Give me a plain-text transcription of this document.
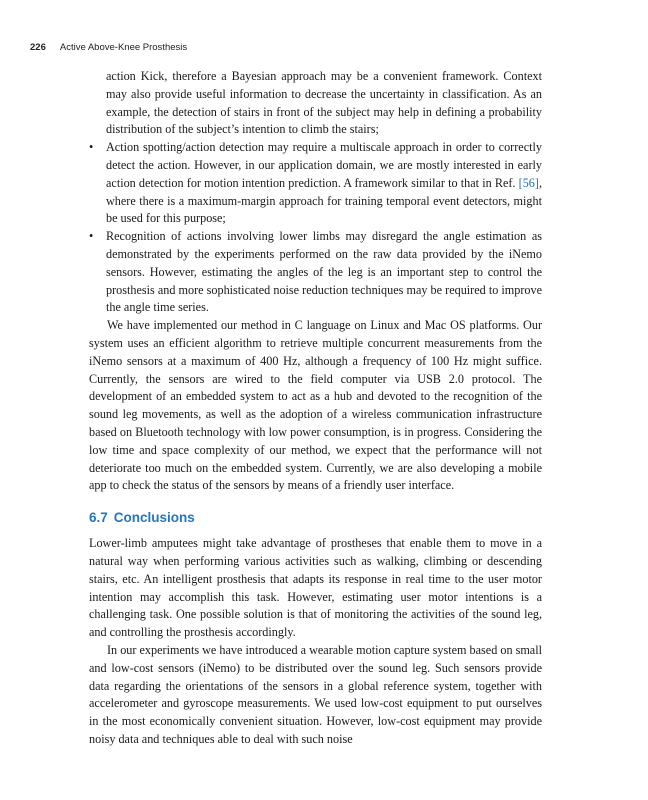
226 Active Above-Knee Prosthesis

action Kick, therefore a Bayesian approach may be a convenient framework. Context may also provide useful information to decrease the uncertainty in classification. As an example, the detection of stairs in front of the subject may help in defining a probability distribution of the subject’s intention to climb the stairs;

• Action spotting/action detection may require a multiscale approach in order to correctly detect the action. However, in our application domain, we are mostly interested in early action detection for motion intention prediction. A framework similar to that in Ref. [56], where there is a maximum-margin approach for training temporal event detectors, might be used for this purpose;

• Recognition of actions involving lower limbs may disregard the angle estimation as demonstrated by the experiments performed on the raw data provided by the iNemo sensors. However, estimating the angles of the leg is an important step to control the prosthesis and more sophisticated noise reduction techniques may be required to improve the angle time series.

We have implemented our method in C language on Linux and Mac OS platforms. Our system uses an efficient algorithm to retrieve multiple concurrent measurements from the iNemo sensors at a maximum of 400 Hz, although a frequency of 100 Hz might suffice. Currently, the sensors are wired to the field computer via USB 2.0 protocol. The development of an embedded system to act as a hub and devoted to the recognition of the sound leg movements, as well as the adoption of a wireless communication infrastructure based on Bluetooth technology with low power consumption, is in progress. Considering the low time and space complexity of our method, we expect that the performance will not deteriorate too much on the embedded system. Currently, we are also developing a mobile app to check the status of the sensors by means of a friendly user interface.

6.7 Conclusions

Lower-limb amputees might take advantage of prostheses that enable them to move in a natural way when performing various activities such as walking, climbing or descending stairs, etc. An intelligent prosthesis that adapts its response in real time to the user motor intention may accomplish this task. However, estimating user motor intentions is a challenging task. One possible solution is that of monitoring the activities of the sound leg, and controlling the prosthesis accordingly.

In our experiments we have introduced a wearable motion capture system based on small and low-cost sensors (iNemo) to be distributed over the sound leg. Such sensors provide data regarding the orientations of the sensors in a global reference system, together with accelerometer and gyroscope measurements. We used low-cost equipment to put ourselves in the most economically convenient situation. However, low-cost equipment may provide noisy data and techniques able to deal with such noise
